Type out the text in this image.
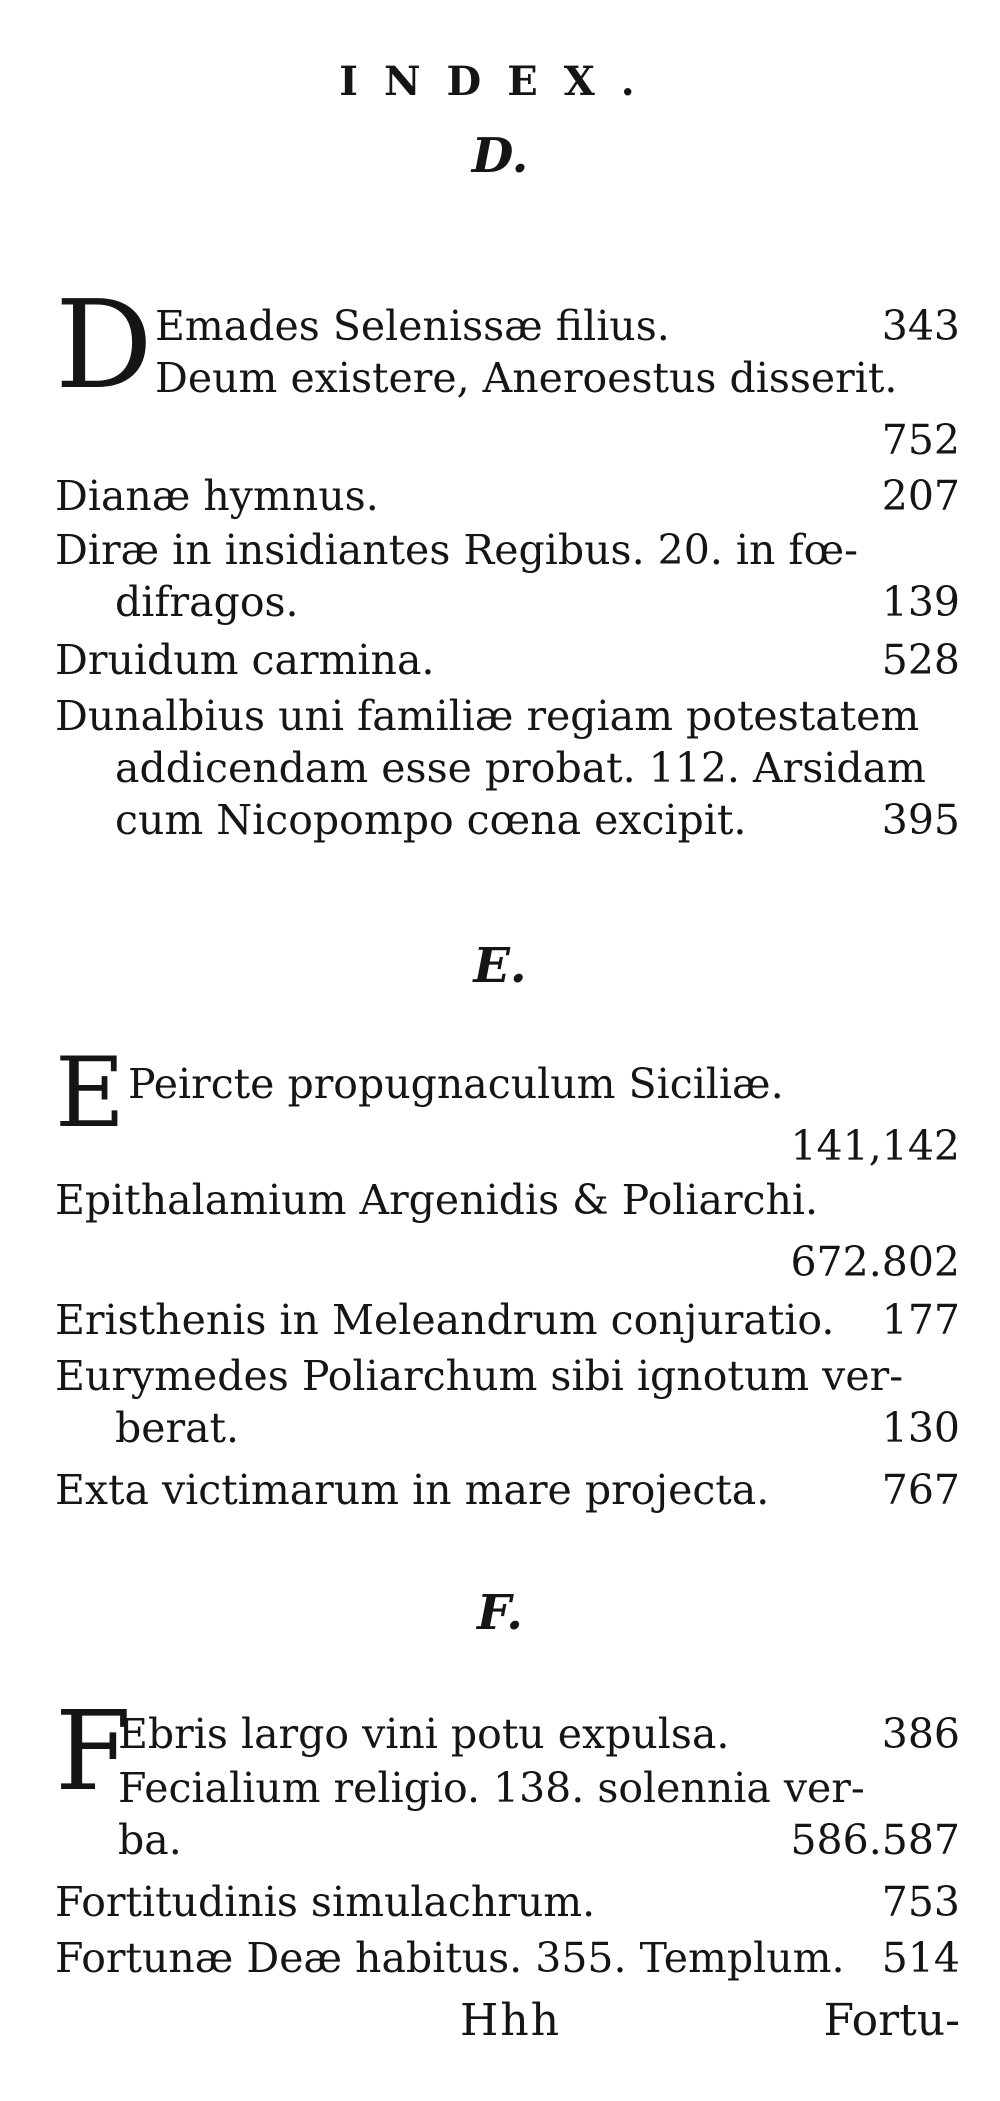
INDEX.
D.
D Emades Selenissæ filius.	343
Deum existere, Aneroestus disserit.
752
Dianæ hymnus.	207
Diræ in insidiantes Regibus. 20. in fœ-
difragos.	139
Druidum carmina.	528
Dunalbius uni familiæ regiam potestatem
addicendam esse probat. 112. Arsidam
cum Nicopompo cœna excipit.	395
E.
E Peircte propugnaculum Siciliæ.
141,142
Epithalamium Argenidis & Poliarchi.
672.802
Eristhenis in Meleandrum conjuratio. 177
Eurymedes Poliarchum sibi ignotum ver-
berat.	130
Exta victimarum in mare projecta.	767
F.
F
Ebris largo vini potu expulsa.	386
Fecialium religio. 138. solennia ver-
ba.	586.587
Fortitudinis simulachrum.	753
Fortunæ Deæ habitus. 355. Templum. 514
Hhh	Fortu-
